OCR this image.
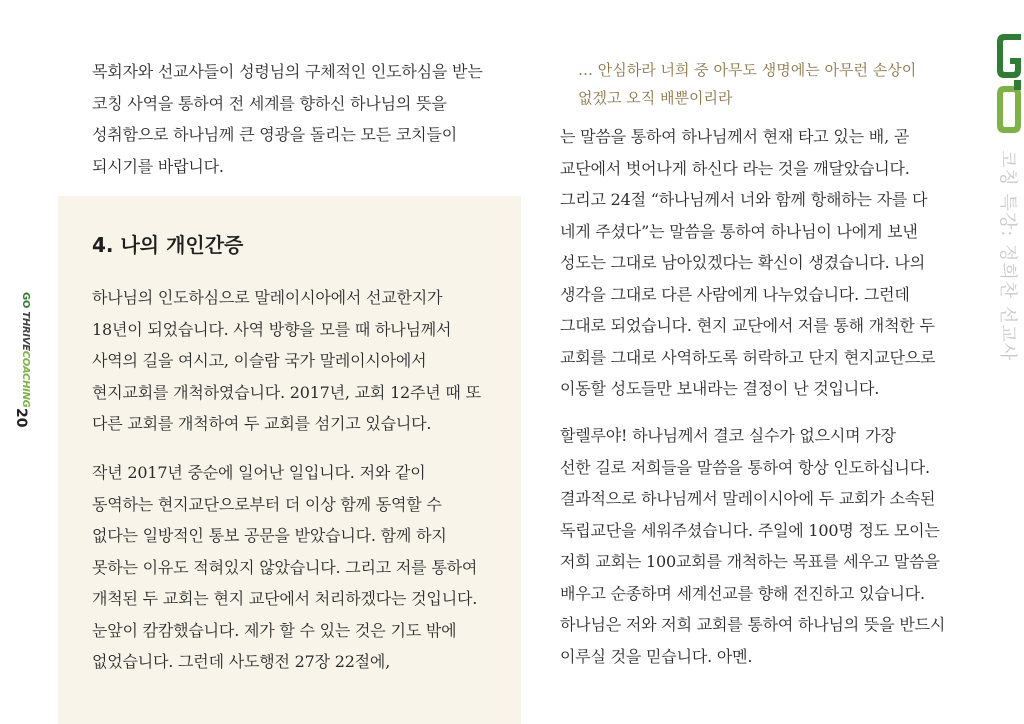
목회자와 선교사들이 성령님의 구체적인 인도하심을 받는
코칭 사역을 통하여 전 세계를 향하신 하나님의 뜻을
성취함으로 하나님께 큰 영광을 돌리는 모든 코치들이
되시기를 바랍니다.

4. 나의 개인간증

하나님의 인도하심으로 말레이시아에서 선교한지가
18년이 되었습니다. 사역 방향을 모를 때 하나님께서
사역의 길을 여시고, 이슬람 국가 말레이시아에서
현지교회를 개척하였습니다. 2017년, 교회 12주년 때 또
다른 교회를 개척하여 두 교회를 섬기고 있습니다.

작년 2017년 중순에 일어난 일입니다. 저와 같이
동역하는 현지교단으로부터 더 이상 함께 동역할 수
없다는 일방적인 통보 공문을 받았습니다. 함께 하지
못하는 이유도 적혀있지 않았습니다. 그리고 저를 통하여
개척된 두 교회는 현지 교단에서 처리하겠다는 것입니다.
눈앞이 캄캄했습니다. 제가 할 수 있는 것은 기도 밖에
없었습니다. 그런데 사도행전 27장 22절에,

… 안심하라 너희 중 아무도 생명에는 아무런 손상이
없겠고 오직 배뿐이리라

는 말씀을 통하여 하나님께서 현재 타고 있는 배, 곧
교단에서 벗어나게 하신다 라는 것을 깨달았습니다.
그리고 24절 “하나님께서 너와 함께 항해하는 자를 다
네게 주셨다”는 말씀을 통하여 하나님이 나에게 보낸
성도는 그대로 남아있겠다는 확신이 생겼습니다. 나의
생각을 그대로 다른 사람에게 나누었습니다. 그런데
그대로 되었습니다. 현지 교단에서 저를 통해 개척한 두
교회를 그대로 사역하도록 허락하고 단지 현지교단으로
이동할 성도들만 보내라는 결정이 난 것입니다.

할렐루야! 하나님께서 결코 실수가 없으시며 가장
선한 길로 저희들을 말씀을 통하여 항상 인도하십니다.
결과적으로 하나님께서 말레이시아에 두 교회가 소속된
독립교단을 세워주셨습니다. 주일에 100명 정도 모이는
저희 교회는 100교회를 개척하는 목표를 세우고 말씀을
배우고 순종하며 세계선교를 향해 전진하고 있습니다.
하나님은 저와 저희 교회를 통하여 하나님의 뜻을 반드시
이루실 것을 믿습니다. 아멘.

GO THRIVECOACHING
20
코칭 특강: 정희찬 선교사
